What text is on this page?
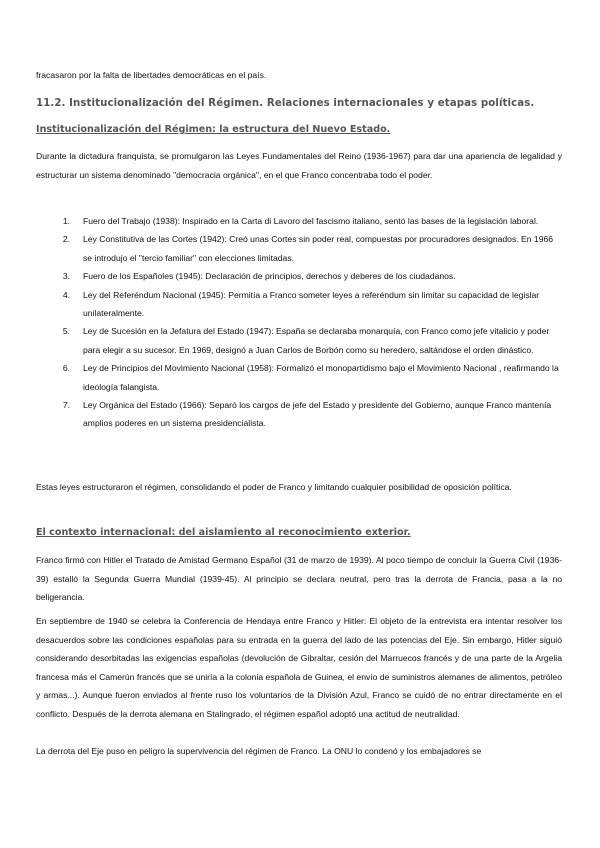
fracasaron por la falta de libertades democráticas en el país.

11.2. Institucionalización del Régimen. Relaciones internacionales y etapas políticas.
Institucionalización del Régimen: la estructura del Nuevo Estado.

Durante la dictadura franquista, se promulgaron las Leyes Fundamentales del Reino (1936-1967) para dar una apariencia de legalidad y estructurar un sistema denominado "democracia orgánica", en el que Franco concentraba todo el poder.

1.	Fuero del Trabajo (1938): Inspirado en la Carta di Lavoro del fascismo italiano, sentó las bases de la legislación laboral.
2.	Ley Constitutiva de las Cortes (1942): Creó unas Cortes sin poder real, compuestas por procuradores designados. En 1966 se introdujo el "tercio familiar" con elecciones limitadas.
3.	Fuero de los Españoles (1945): Declaración de principios, derechos y deberes de los ciudadanos.
4.	Ley del Referéndum Nacional (1945): Permitía a Franco someter leyes a referéndum sin limitar su capacidad de legislar unilateralmente.
5.	Ley de Sucesión en la Jefatura del Estado (1947): España se declaraba monarquía, con Franco como jefe vitalicio y poder para elegir a su sucesor. En 1969, designó a Juan Carlos de Borbón como su heredero, saltándose el orden dinástico.
6.	Ley de Principios del Movimiento Nacional (1958): Formalizó el monopartidismo bajo el Movimiento Nacional , reafirmando la ideología falangista.
7.	Ley Orgánica del Estado (1966): Separó los cargos de jefe del Estado y presidente del Gobierno, aunque Franco mantenía amplios poderes en un sistema presidencialista.

Estas leyes estructuraron el régimen, consolidando el poder de Franco y limitando cualquier posibilidad de oposición política.

El contexto internacional: del aislamiento al reconocimiento exterior.

Franco firmó con Hitler el Tratado de Amistad Germano Español (31 de marzo de 1939). Al poco tiempo de concluir la Guerra Civil (1936-39) estalló la Segunda Guerra Mundial (1939-45). Al principio se declara neutral, pero tras la derrota de Francia, pasa a la no beligerancia.

En septiembre de 1940 se celebra la Conferencia de Hendaya entre Franco y Hitler: El objeto de la entrevista era intentar resolver los desacuerdos sobre las condiciones españolas para su entrada en la guerra del lado de las potencias del Eje. Sin embargo, Hitler siguió considerando desorbitadas las exigencias españolas (devolución de Gibraltar, cesión del Marruecos francés y de una parte de la Argelia francesa más el Camerún francés que se uniría a la colonia española de Guinea, el envío de suministros alemanes de alimentos, petróleo y armas...). Aunque fueron enviados al frente ruso los voluntarios de la División Azul, Franco se cuidó de no entrar directamente en el conflicto. Después de la derrota alemana en Stalingrado, el régimen español adoptó una actitud de neutralidad.

La derrota del Eje puso en peligro la supervivencia del régimen de Franco. La ONU lo condenó y los embajadores se
